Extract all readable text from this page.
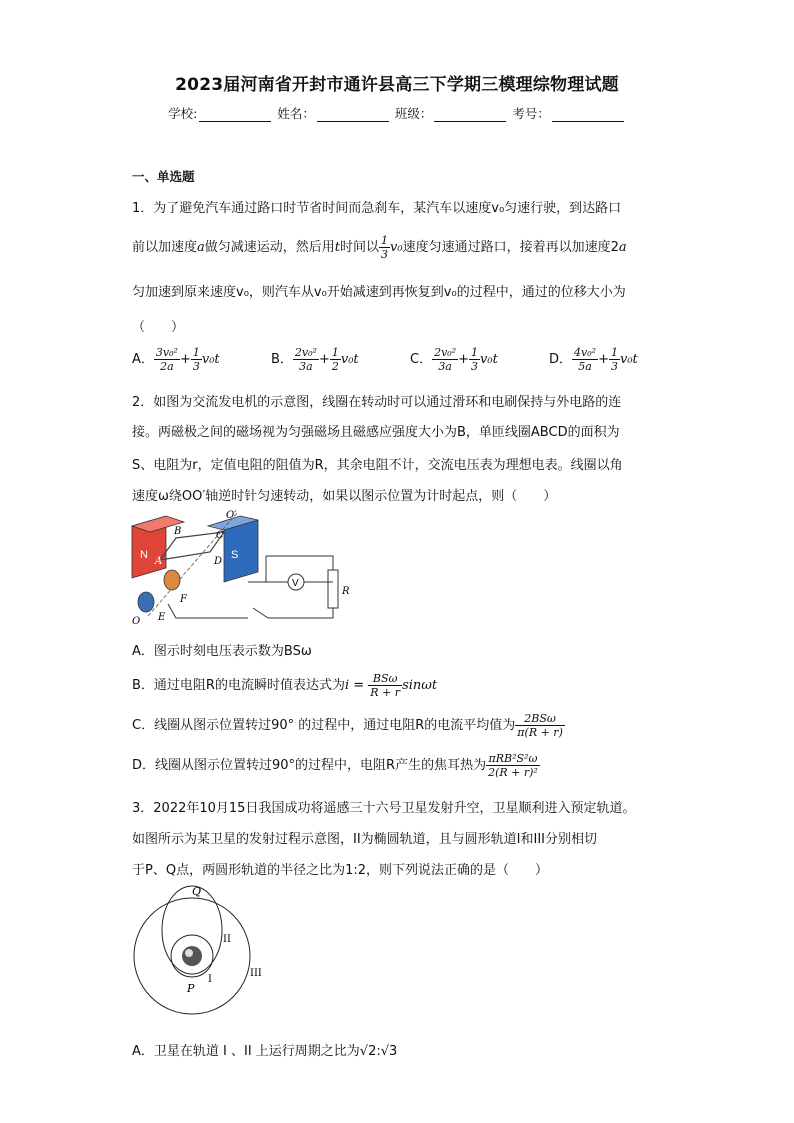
2023届河南省开封市通许县高三下学期三模理综物理试题
学校:	姓名：	班级：	考号：
一、单选题
1．为了避免汽车通过路口时节省时间而急刹车，某汽车以速度v₀匀速行驶，到达路口
前以加速度a做匀减速运动，然后用t时间以 $\frac{1}{3} v_0$速度匀速通过路口，接着再以加速度2a
匀加速到原来速度v₀，则汽车从v₀开始减速到再恢复到v₀的过程中，通过的位移大小为
（　　）
A． $\frac{\text{3v₀²}}{2a} + \frac{1}{3} v_0t$	B． $\frac{\text{2v₀²}}{3a} + \frac{1}{2} v_0t$	C． $\frac{\text{2v₀²}}{3a} + \frac{1}{3} v_0t$	D． $\frac{\text{4v₀²}}{5a} + \frac{1}{3} v_0t$
2．如图为交流发电机的示意图，线圈在转动时可以通过滑环和电刷保持与外电路的连
接。两磁极之间的磁场视为匀强磁场且磁感应强度大小为B，单匝线圈ABCD的面积为
S、电阻为r，定值电阻的阻值为R，其余电阻不计，交流电压表为理想电表。线圈以角
速度ω绕OO′轴逆时针匀速转动，如果以图示位置为计时起点，则（　　）
N	S
V
B
A
C
D
O′
O
F
E
R
A．图示时刻电压表示数为BSω
B．通过电阻R的电流瞬时值表达式为$i = \frac{\text{BSω}}{R + r}$ sinωt
C．线圈从图示位置转过90° 的过程中，通过电阻R的电流平均值为 $\frac{\text{2BSω}}{\pi(R + r)}$
D．线圈从图示位置转过90°的过程中，电阻R产生的焦耳热为 $\frac{\text{πRB²S²ω}}{\text{2(R + r)²}}$
3．2022年10月15日我国成功将遥感三十六号卫星发射升空，卫星顺利进入预定轨道。
如图所示为某卫星的发射过程示意图，II为椭圆轨道，且与圆形轨道I和III分别相切
于P、Q点，两圆形轨道的半径之比为1:2，则下列说法正确的是（　　）
Q
P
II
I
III
A．卫星在轨道 I 、II 上运行周期之比为√2:√3
